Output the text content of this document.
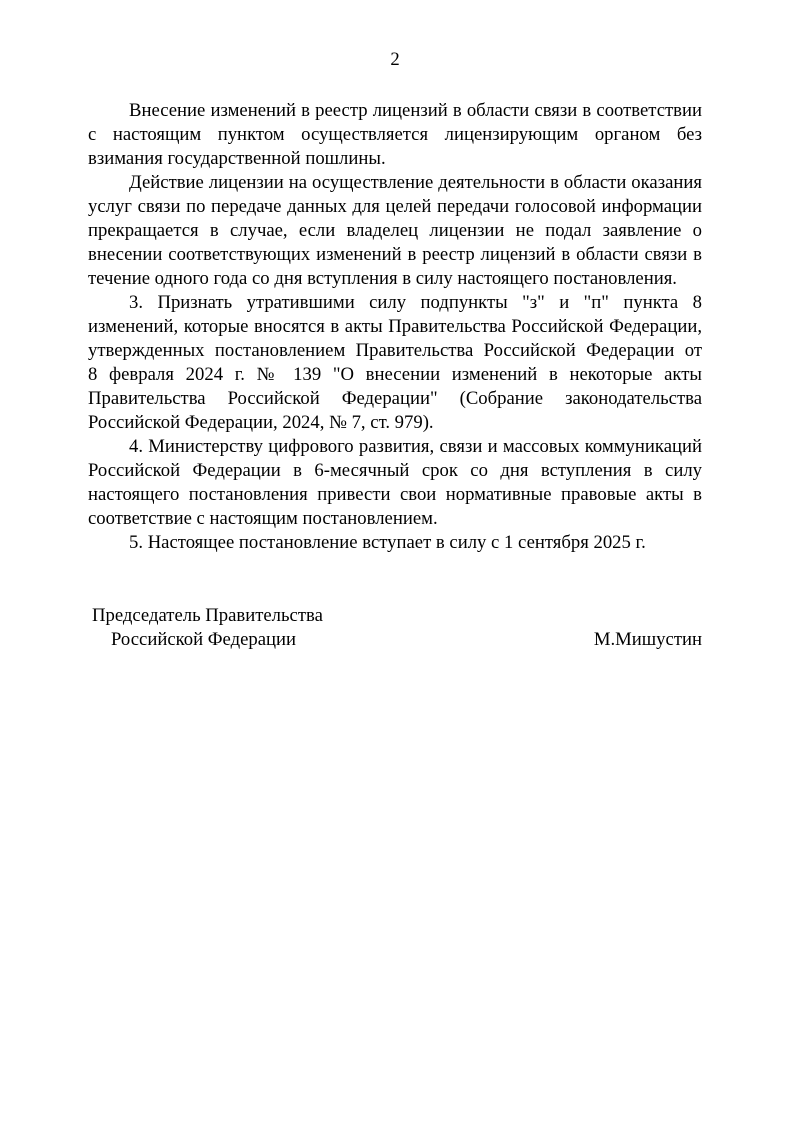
2

Внесение изменений в реестр лицензий в области связи в соответствии с настоящим пунктом осуществляется лицензирующим органом без взимания государственной пошлины.

Действие лицензии на осуществление деятельности в области оказания услуг связи по передаче данных для целей передачи голосовой информации прекращается в случае, если владелец лицензии не подал заявление о внесении соответствующих изменений в реестр лицензий в области связи в течение одного года со дня вступления в силу настоящего постановления.

3. Признать утратившими силу подпункты "з" и "п" пункта 8 изменений, которые вносятся в акты Правительства Российской Федерации, утвержденных постановлением Правительства Российской Федерации от 8 февраля 2024 г. № 139 "О внесении изменений в некоторые акты Правительства Российской Федерации" (Собрание законодательства Российской Федерации, 2024, № 7, ст. 979).

4. Министерству цифрового развития, связи и массовых коммуникаций Российской Федерации в 6-месячный срок со дня вступления в силу настоящего постановления привести свои нормативные правовые акты в соответствие с настоящим постановлением.

5. Настоящее постановление вступает в силу с 1 сентября 2025 г.

Председатель Правительства
Российской Федерации	М.Мишустин
